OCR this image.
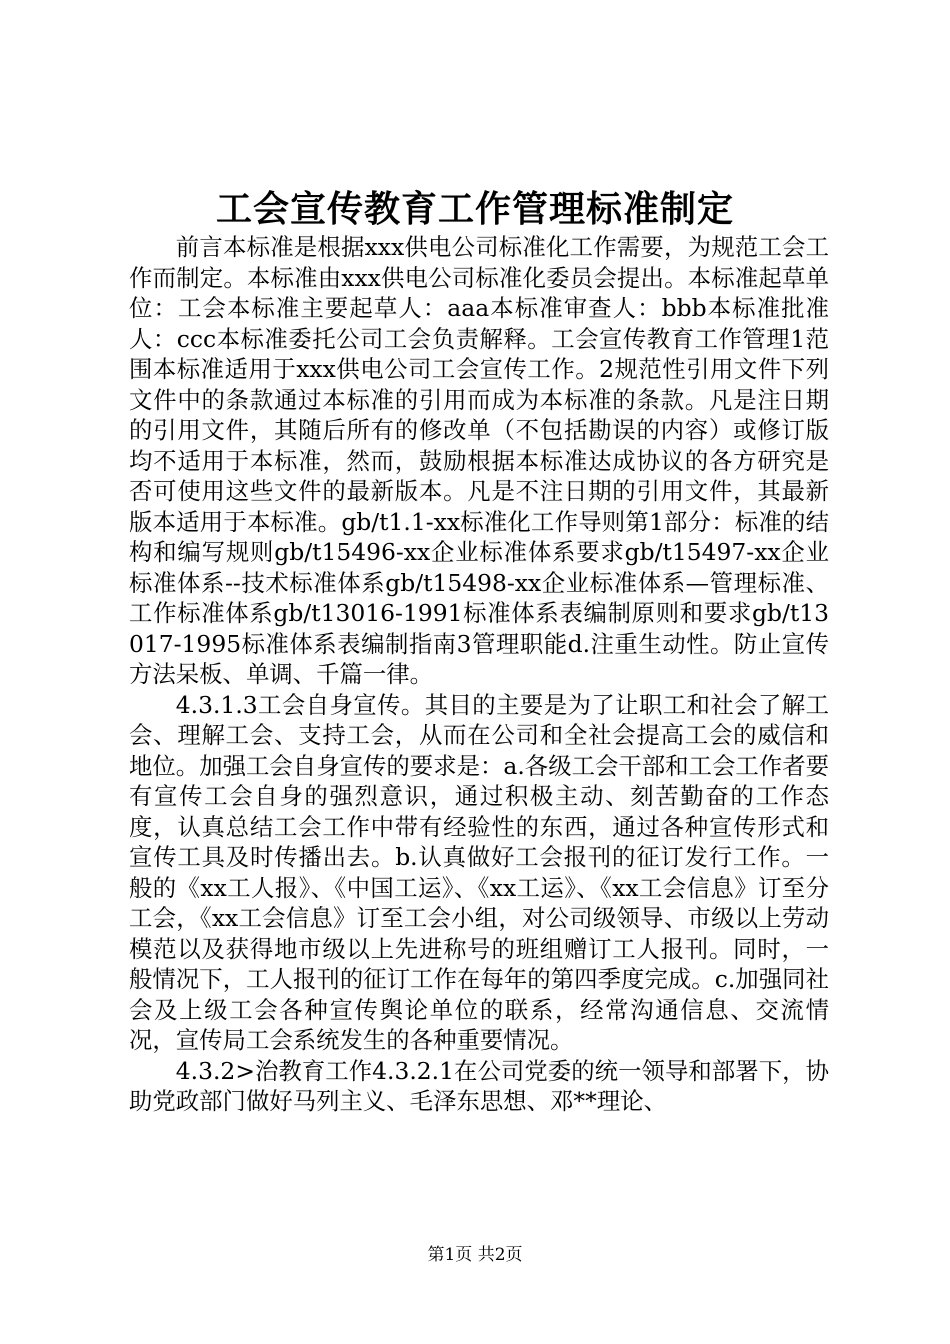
工会宣传教育工作管理标准制定

前言本标准是根据xxx供电公司标准化工作需要，为规范工会工作而制定。本标准由xxx供电公司标准化委员会提出。本标准起草单位：工会本标准主要起草人：aaa本标准审查人：bbb本标准批准人：ccc本标准委托公司工会负责解释。工会宣传教育工作管理1范围本标准适用于xxx供电公司工会宣传工作。2规范性引用文件下列文件中的条款通过本标准的引用而成为本标准的条款。凡是注日期的引用文件，其随后所有的修改单（不包括勘误的内容）或修订版均不适用于本标准，然而，鼓励根据本标准达成协议的各方研究是否可使用这些文件的最新版本。凡是不注日期的引用文件，其最新版本适用于本标准。gb/t1.1-xx标准化工作导则第1部分：标准的结构和编写规则gb/t15496-xx企业标准体系要求gb/t15497-xx企业标准体系--技术标准体系gb/t15498-xx企业标准体系—管理标准、工作标准体系gb/t13016-1991标准体系表编制原则和要求gb/t13017-1995标准体系表编制指南3管理职能d.注重生动性。防止宣传方法呆板、单调、千篇一律。

4.3.1.3工会自身宣传。其目的主要是为了让职工和社会了解工会、理解工会、支持工会，从而在公司和全社会提高工会的威信和地位。加强工会自身宣传的要求是：a.各级工会干部和工会工作者要有宣传工会自身的强烈意识，通过积极主动、刻苦勤奋的工作态度，认真总结工会工作中带有经验性的东西，通过各种宣传形式和宣传工具及时传播出去。b.认真做好工会报刊的征订发行工作。一般的《xx工人报》、《中国工运》、《xx工运》、《xx工会信息》订至分工会，《xx工会信息》订至工会小组，对公司级领导、市级以上劳动模范以及获得地市级以上先进称号的班组赠订工人报刊。同时，一般情况下，工人报刊的征订工作在每年的第四季度完成。c.加强同社会及上级工会各种宣传舆论单位的联系，经常沟通信息、交流情况，宣传局工会系统发生的各种重要情况。

4.3.2>治教育工作4.3.2.1在公司党委的统一领导和部署下，协助党政部门做好马列主义、毛泽东思想、邓**理论、

第1页 共2页
